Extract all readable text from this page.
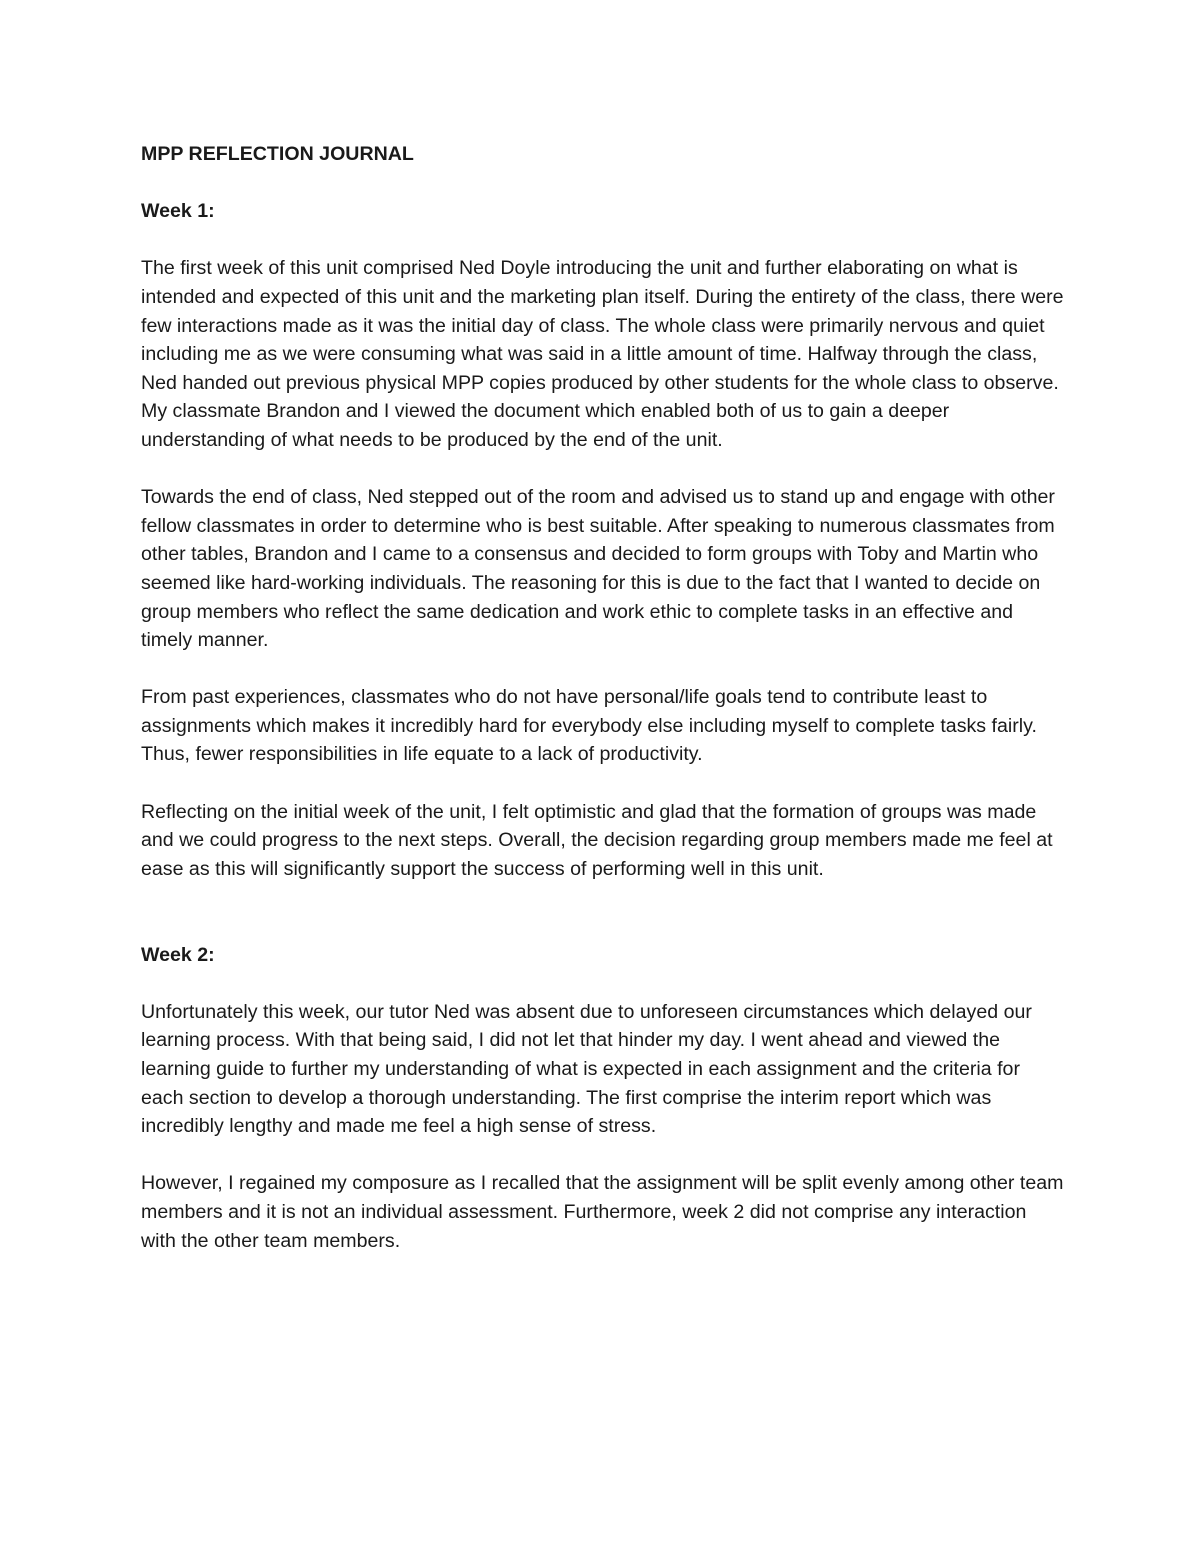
MPP REFLECTION JOURNAL
Week 1:

The first week of this unit comprised Ned Doyle introducing the unit and further elaborating on what is intended and expected of this unit and the marketing plan itself. During the entirety of the class, there were few interactions made as it was the initial day of class. The whole class were primarily nervous and quiet including me as we were consuming what was said in a little amount of time. Halfway through the class, Ned handed out previous physical MPP copies produced by other students for the whole class to observe. My classmate Brandon and I viewed the document which enabled both of us to gain a deeper understanding of what needs to be produced by the end of the unit.

Towards the end of class, Ned stepped out of the room and advised us to stand up and engage with other fellow classmates in order to determine who is best suitable. After speaking to numerous classmates from other tables, Brandon and I came to a consensus and decided to form groups with Toby and Martin who seemed like hard-working individuals. The reasoning for this is due to the fact that I wanted to decide on group members who reflect the same dedication and work ethic to complete tasks in an effective and timely manner.

From past experiences, classmates who do not have personal/life goals tend to contribute least to assignments which makes it incredibly hard for everybody else including myself to complete tasks fairly. Thus, fewer responsibilities in life equate to a lack of productivity.

Reflecting on the initial week of the unit, I felt optimistic and glad that the formation of groups was made and we could progress to the next steps. Overall, the decision regarding group members made me feel at ease as this will significantly support the success of performing well in this unit.

Week 2:

Unfortunately this week, our tutor Ned was absent due to unforeseen circumstances which delayed our learning process. With that being said, I did not let that hinder my day. I went ahead and viewed the learning guide to further my understanding of what is expected in each assignment and the criteria for each section to develop a thorough understanding. The first comprise the interim report which was incredibly lengthy and made me feel a high sense of stress.

However, I regained my composure as I recalled that the assignment will be split evenly among other team members and it is not an individual assessment. Furthermore, week 2 did not comprise any interaction with the other team members.
